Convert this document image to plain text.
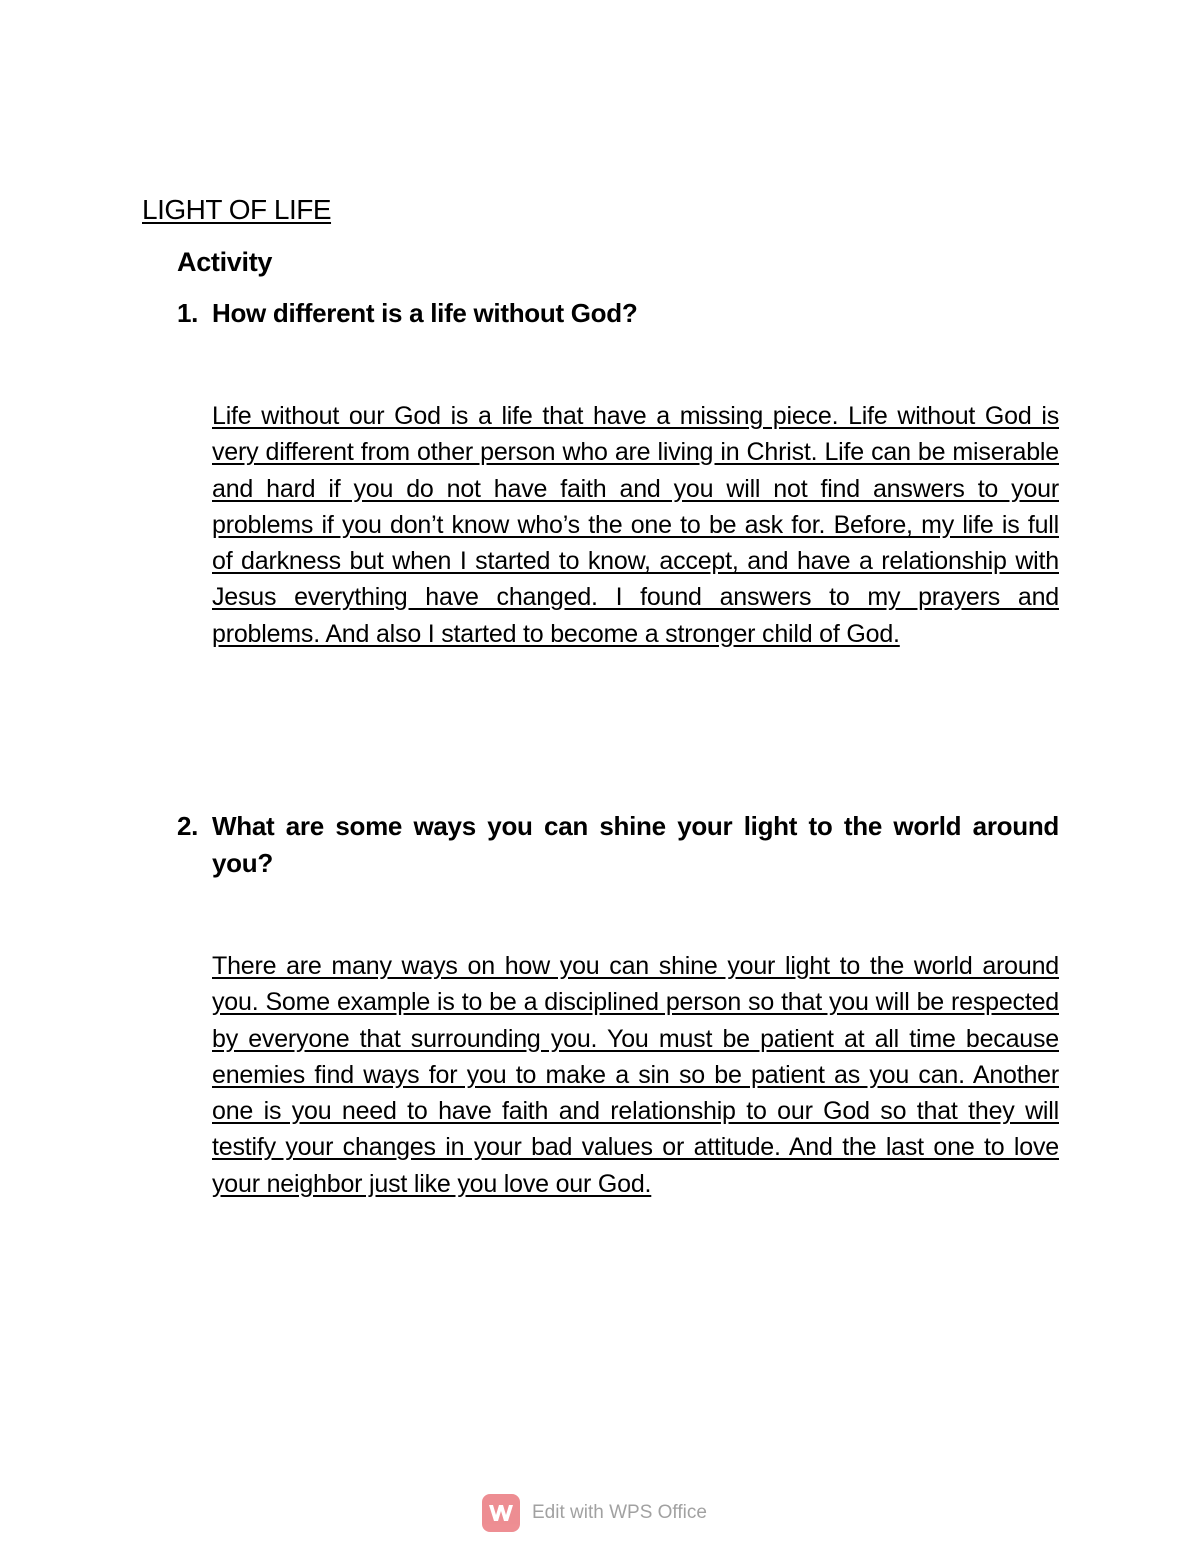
LIGHT OF LIFE
Activity
1. How different is a life without God?
Life without our God is a life that have a missing piece. Life without God is very different from other person who are living in Christ. Life can be miserable and hard if you do not have faith and you will not find answers to your problems if you don’t know who’s the one to be ask for. Before, my life is full of darkness but when I started to know, accept, and have a relationship with Jesus everything have changed. I found answers to my prayers and problems. And also I started to become a stronger child of God.
2. What are some ways you can shine your light to the world around you?
There are many ways on how you can shine your light to the world around you. Some example is to be a disciplined person so that you will be respected by everyone that surrounding you. You must be patient at all time because enemies find ways for you to make a sin so be patient as you can. Another one is you need to have faith and relationship to our God so that they will testify your changes in your bad values or attitude. And the last one to love your neighbor just like you love our God.
Edit with WPS Office
